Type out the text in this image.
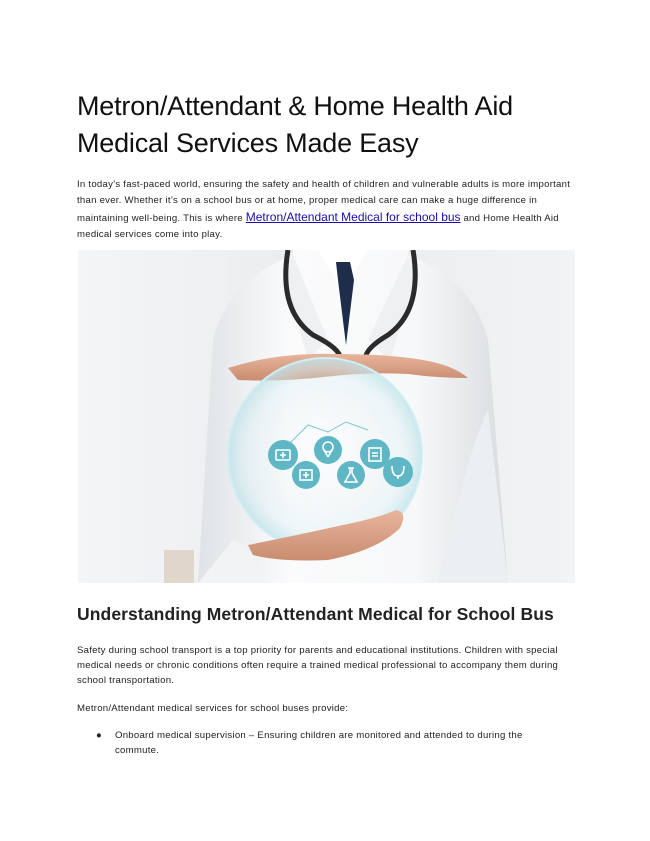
Metron/Attendant & Home Health Aid Medical Services Made Easy

In today’s fast-paced world, ensuring the safety and health of children and vulnerable adults is more important than ever. Whether it’s on a school bus or at home, proper medical care can make a huge difference in maintaining well-being. This is where Metron/Attendant Medical for school bus and Home Health Aid medical services come into play.

Understanding Metron/Attendant Medical for School Bus

Safety during school transport is a top priority for parents and educational institutions. Children with special medical needs or chronic conditions often require a trained medical professional to accompany them during school transportation.

Metron/Attendant medical services for school buses provide:

● Onboard medical supervision – Ensuring children are monitored and attended to during the commute.
